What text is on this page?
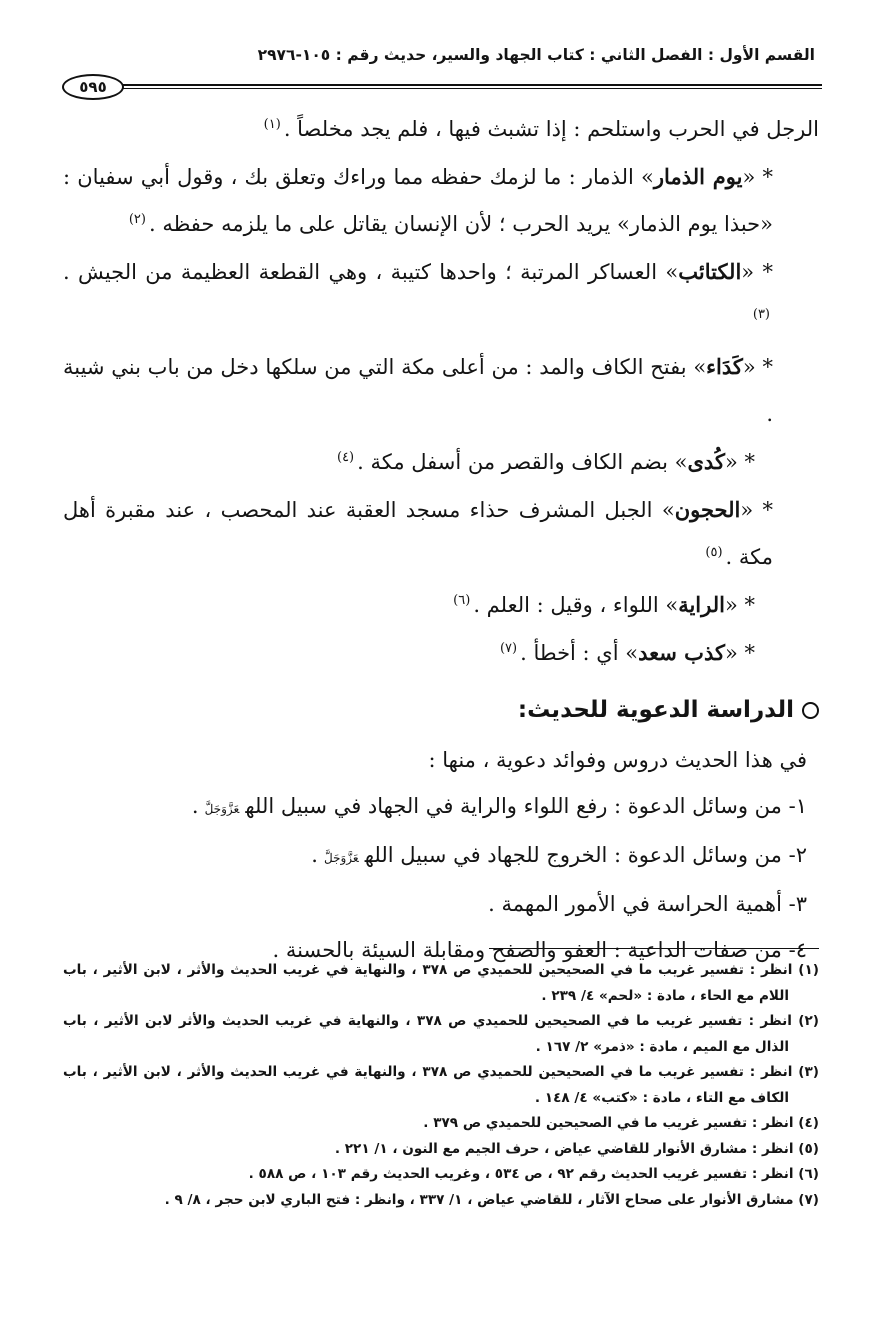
القسم الأول : الفصل الثاني : كتاب الجهاد والسير، حديث رقم : ١٠٥-٢٩٧٦
٥٩٥

الرجل في الحرب واستلحم : إذا تشبث فيها ، فلم يجد مخلصاً .$^{(١)}$

* «يوم الذمار» الذمار : ما لزمك حفظه مما وراءك وتعلق بك ، وقول أبي سفيان : «حبذا يوم الذمار» يريد الحرب ؛ لأن الإنسان يقاتل على ما يلزمه حفظه .$^{(٢)}$

* «الكتائب» العساكر المرتبة ؛ واحدها كتيبة ، وهي القطعة العظيمة من الجيش .$^{(٣)}$

* «كَدَاء» بفتح الكاف والمد : من أعلى مكة التي من سلكها دخل من باب بني شيبة .

* «كُدى» بضم الكاف والقصر من أسفل مكة .$^{(٤)}$

* «الحجون» الجبل المشرف حذاء مسجد العقبة عند المحصب ، عند مقبرة أهل مكة .$^{(٥)}$

* «الراية» اللواء ، وقيل : العلم .$^{(٦)}$

* «كذب سعد» أي : أخطأ .$^{(٧)}$

الدراسة الدعوية للحديث:

في هذا الحديث دروس وفوائد دعوية ، منها :

١- من وسائل الدعوة : رفع اللواء والراية في الجهاد في سبيل اللهعَزَّوَجَلَّ.

٢- من وسائل الدعوة : الخروج للجهاد في سبيل اللهعَزَّوَجَلَّ.

٣- أهمية الحراسة في الأمور المهمة .

٤- من صفات الداعية : العفو والصفح ومقابلة السيئة بالحسنة .

(١) انظر : تفسير غريب ما في الصحيحين للحميدي ص ٣٧٨ ، والنهاية في غريب الحديث والأثر ، لابن الأثير ، باب اللام مع الحاء ، مادة : «لحم» ٤/ ٢٣٩ .

(٢) انظر : تفسير غريب ما في الصحيحين للحميدي ص ٣٧٨ ، والنهاية في غريب الحديث والأثر لابن الأثير ، باب الذال مع الميم ، مادة : «ذمر» ٢/ ١٦٧ .

(٣) انظر : تفسير غريب ما في الصحيحين للحميدي ص ٣٧٨ ، والنهاية في غريب الحديث والأثر ، لابن الأثير ، باب الكاف مع التاء ، مادة : «كتب» ٤/ ١٤٨ .

(٤) انظر : تفسير غريب ما في الصحيحين للحميدي ص ٣٧٩ .

(٥) انظر : مشارق الأنوار للقاضي عياض ، حرف الجيم مع النون ، ١/ ٢٢١ .

(٦) انظر : تفسير غريب الحديث رقم ٩٢ ، ص ٥٣٤ ، وغريب الحديث رقم ١٠٣ ، ص ٥٨٨ .

(٧) مشارق الأنوار على صحاح الآثار ، للقاضي عياض ، ١/ ٣٣٧ ، وانظر : فتح الباري لابن حجر ، ٨/ ٩ .
